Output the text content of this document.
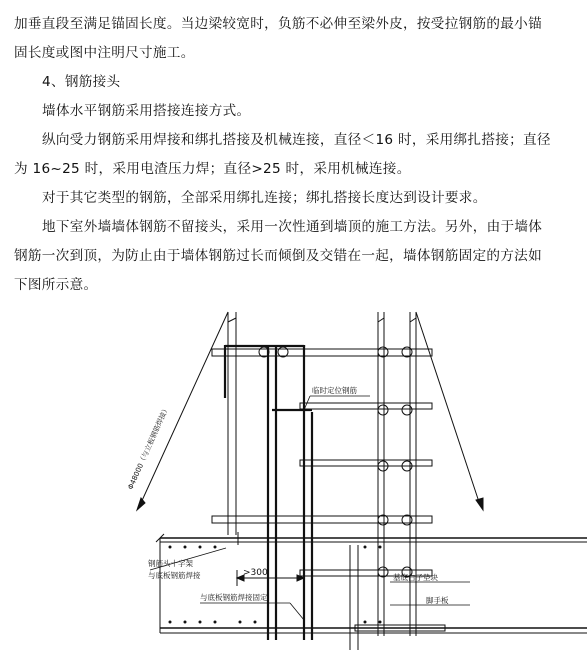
加垂直段至满足锚固长度。当边梁较宽时，负筋不必伸至梁外皮，按受拉钢筋的最小锚
固长度或图中注明尺寸施工。
4、钢筋接头
墙体水平钢筋采用搭接连接方式。
纵向受力钢筋采用焊接和绑扎搭接及机械连接，直径＜16 时，采用绑扎搭接；直径
为 16~25 时，采用电渣压力焊；直径>25 时，采用机械连接。
对于其它类型的钢筋，全部采用绑扎连接；绑扎搭接长度达到设计要求。
地下室外墙墙体钢筋不留接头，采用一次性通到墙顶的施工方法。另外，由于墙体
钢筋一次到顶，为防止由于墙体钢筋过长而倾倒及交错在一起，墙体钢筋固定的方法如
下图所示意。
Φ48000（与立板钢筋焊接）
临时定位钢筋
钢筋头十字架
与底板钢筋焊接	>300
与底板钢筋焊接固定
基底白子垫块
脚手板
